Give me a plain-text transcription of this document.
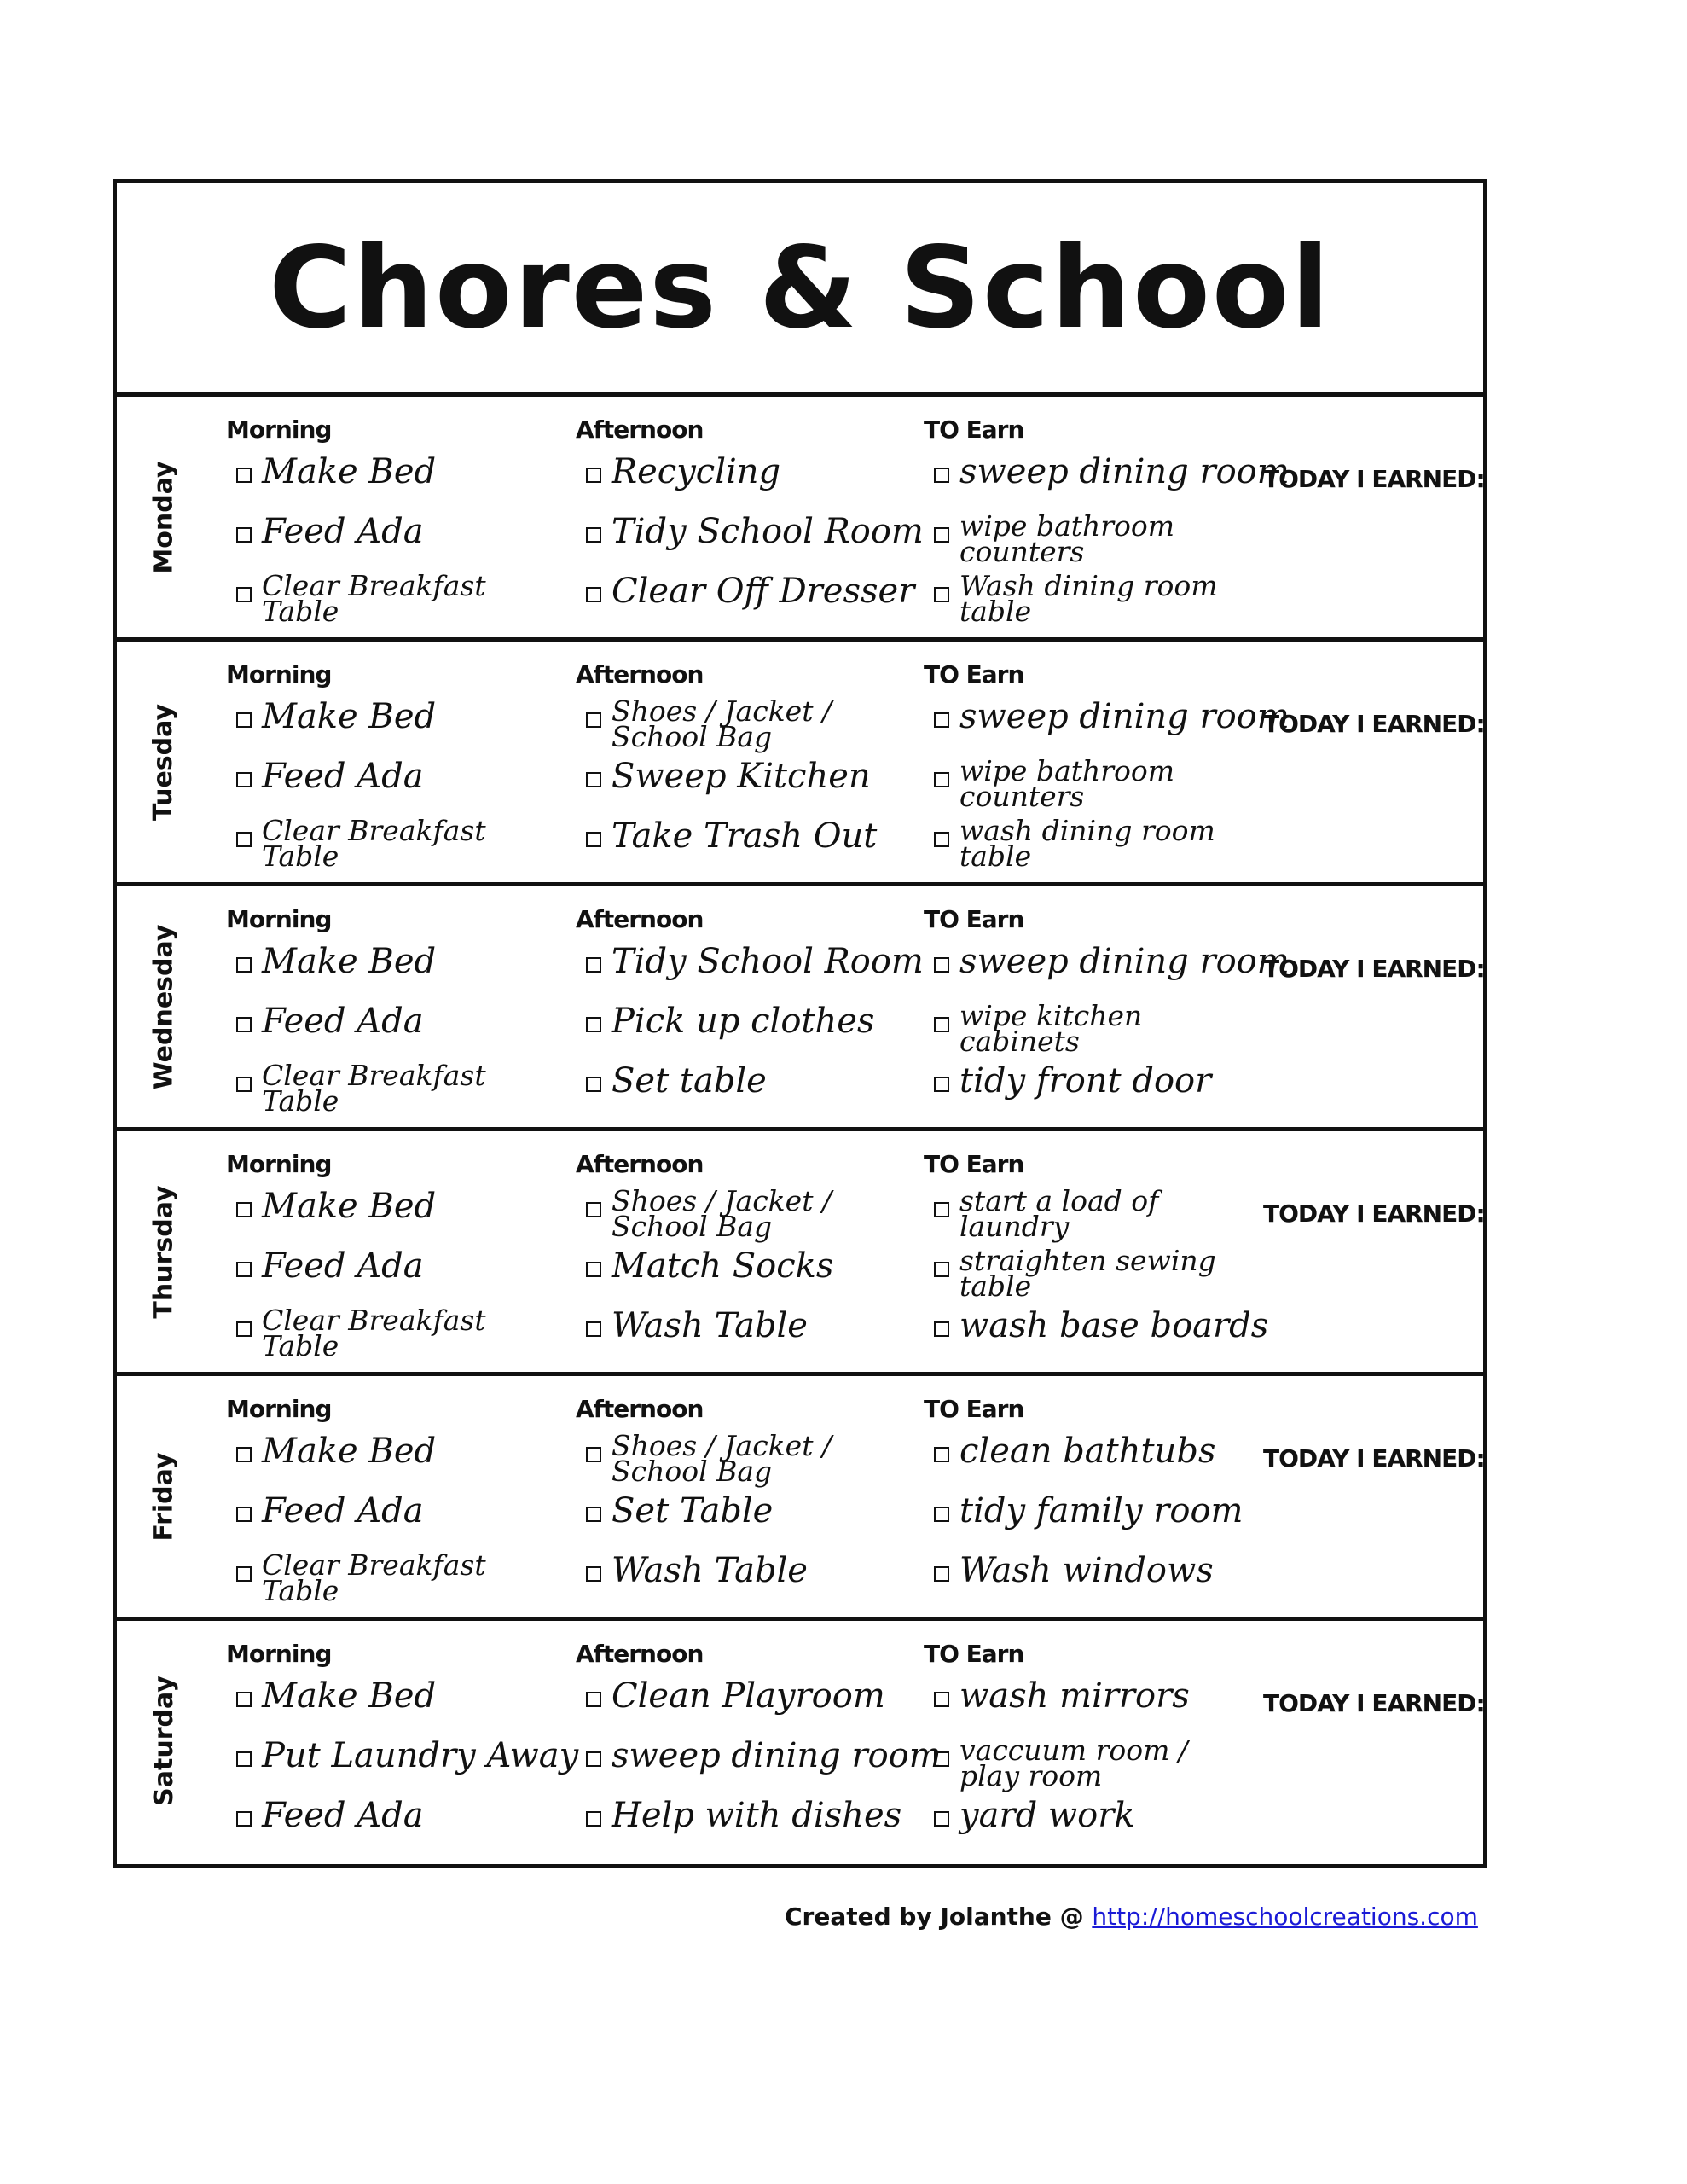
Chores & School
Monday
Morning
Make Bed
Feed Ada
Clear Breakfast Table
Afternoon
Recycling
Tidy School Room
Clear Off Dresser
TO Earn
sweep dining room
wipe bathroom counters
Wash dining room table
TODAY I EARNED:
Tuesday
Morning
Make Bed
Feed Ada
Clear Breakfast Table
Afternoon
Shoes / Jacket / School Bag
Sweep Kitchen
Take Trash Out
TO Earn
sweep dining room
wipe bathroom counters
wash dining room table
TODAY I EARNED:
Wednesday
Morning
Make Bed
Feed Ada
Clear Breakfast Table
Afternoon
Tidy School Room
Pick up clothes
Set table
TO Earn
sweep dining room
wipe kitchen cabinets
tidy front door
TODAY I EARNED:
Thursday
Morning
Make Bed
Feed Ada
Clear Breakfast Table
Afternoon
Shoes / Jacket / School Bag
Match Socks
Wash Table
TO Earn
start a load of laundry
straighten sewing table
wash base boards
TODAY I EARNED:
Friday
Morning
Make Bed
Feed Ada
Clear Breakfast Table
Afternoon
Shoes / Jacket / School Bag
Set Table
Wash Table
TO Earn
clean bathtubs
tidy family room
Wash windows
TODAY I EARNED:
Saturday
Morning
Make Bed
Put Laundry Away
Feed Ada
Afternoon
Clean Playroom
sweep dining room
Help with dishes
TO Earn
wash mirrors
vaccuum room / play room
yard work
TODAY I EARNED:
Created by Jolanthe @ http://homeschoolcreations.com
